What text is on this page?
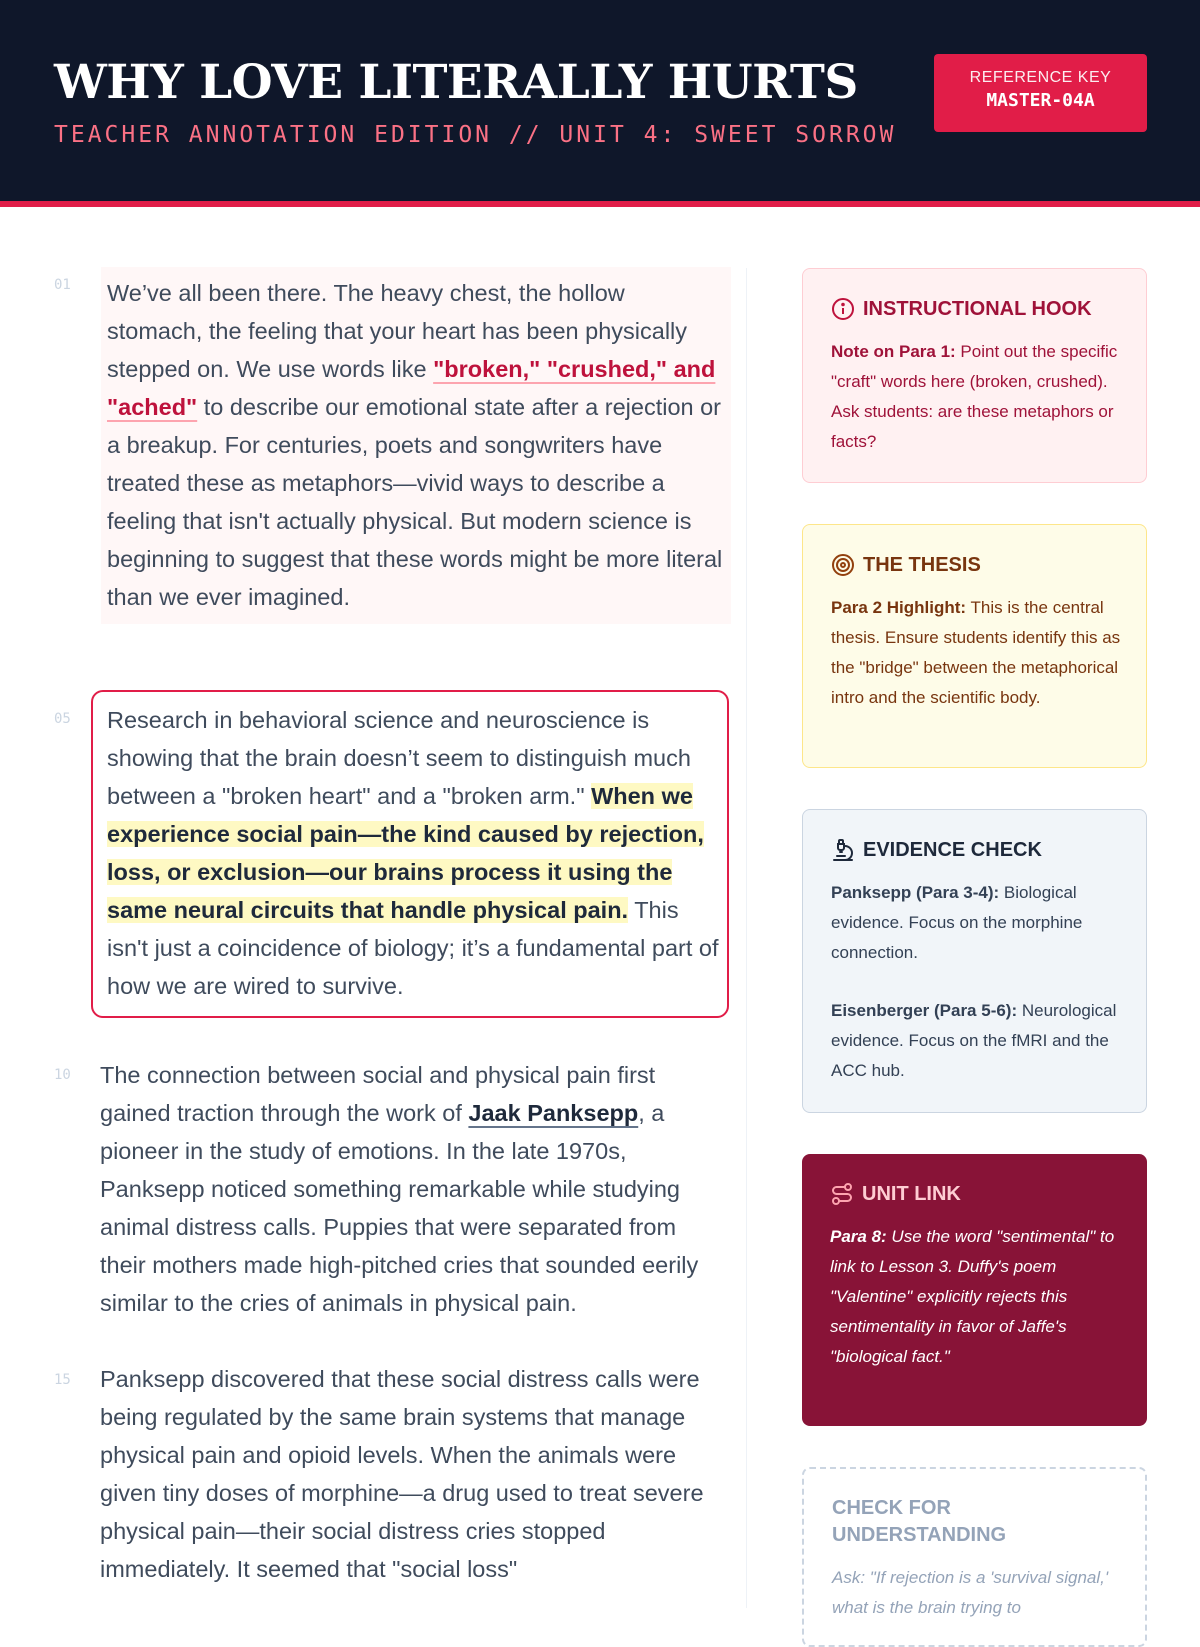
WHY LOVE LITERALLY HURTS
TEACHER ANNOTATION EDITION // UNIT 4: SWEET SORROW
REFERENCE KEY
MASTER-04A
01 We’ve all been there. The heavy chest, the hollow stomach, the feeling that your heart has been physically stepped on. We use words like "broken," "crushed," and "ached" to describe our emotional state after a rejection or a breakup. For centuries, poets and songwriters have treated these as metaphors—vivid ways to describe a feeling that isn't actually physical. But modern science is beginning to suggest that these words might be more literal than we ever imagined.
05	Research in behavioral science and neuroscience is showing that the brain doesn’t seem to distinguish much between a "broken heart" and a "broken arm." When we experience social pain—the kind caused by rejection, loss, or exclusion—our brains process it using the same neural circuits that handle physical pain. This isn't just a coincidence of biology; it’s a fundamental part of how we are wired to survive.
10 The connection between social and physical pain first gained traction through the work of Jaak Panksepp, a pioneer in the study of emotions. In the late 1970s, Panksepp noticed something remarkable while studying animal distress calls. Puppies that were separated from their mothers made high-pitched cries that sounded eerily similar to the cries of animals in physical pain.
15 Panksepp discovered that these social distress calls were being regulated by the same brain systems that manage physical pain and opioid levels. When the animals were given tiny doses of morphine—a drug used to treat severe physical pain—their social distress cries stopped immediately. It seemed that "social loss"
INSTRUCTIONAL HOOK
Note on Para 1: Point out the specific "craft" words here (broken, crushed). Ask students: are these metaphors or facts?
THE THESIS
Para 2 Highlight: This is the central thesis. Ensure students identify this as the "bridge" between the metaphorical intro and the scientific body.
EVIDENCE CHECK
Panksepp (Para 3-4): Biological evidence. Focus on the morphine connection.
Eisenberger (Para 5-6): Neurological evidence. Focus on the fMRI and the ACC hub.
UNIT LINK
Para 8: Use the word "sentimental" to link to Lesson 3. Duffy's poem "Valentine" explicitly rejects this sentimentality in favor of Jaffe's "biological fact."
CHECK FOR UNDERSTANDING
Ask: "If rejection is a 'survival signal,' what is the brain trying to
